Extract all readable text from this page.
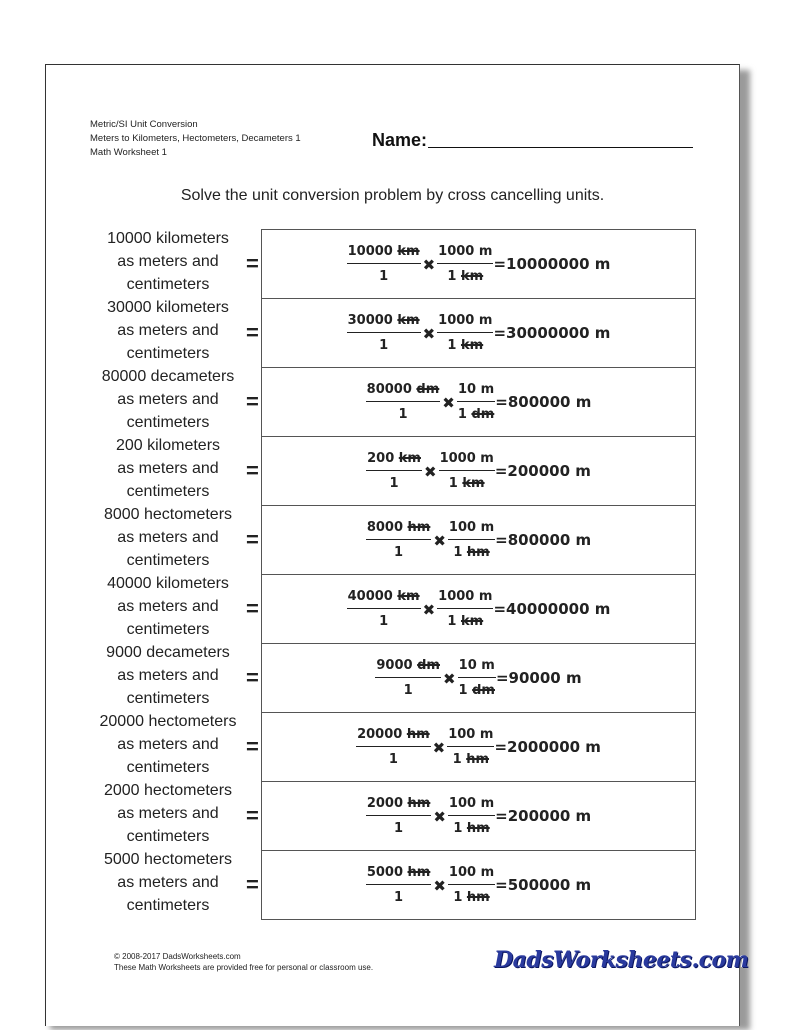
Metric/SI Unit Conversion
Meters to Kilometers, Hectometers, Decameters 1
Math Worksheet 1
Name:
Solve the unit conversion problem by cross cancelling units.
10000 kilometers
as meters and
centimeters
=	$\frac{10000 km}{1}$ ✖ $\frac{1000 m}{1 km} =10000000$ m
30000 kilometers
as meters and
centimeters
=	$\frac{30000 km}{1}$ ✖ $\frac{1000 m}{1 km} =30000000$ m
80000 decameters
as meters and
centimeters
=	$\frac{80000 dm}{1}$ ✖ $\frac{10 m}{1 dm} =800000$ m
200 kilometers
as meters and
centimeters
=	$\frac{200 km}{1}$ ✖ $\frac{1000 m}{1 km} =200000$ m
8000 hectometers
as meters and
centimeters
=	$\frac{8000 hm}{1}$ ✖ $\frac{100 m}{1 hm} =800000$ m
40000 kilometers
as meters and
centimeters
=	$\frac{40000 km}{1}$ ✖ $\frac{1000 m}{1 km} =40000000$ m
9000 decameters
as meters and
centimeters
=	$\frac{9000 dm}{1}$ ✖ $\frac{10 m}{1 dm} =90000$ m
20000 hectometers
as meters and
centimeters
=	$\frac{20000 hm}{1}$ ✖ $\frac{100 m}{1 hm} =2000000$ m
2000 hectometers
as meters and
centimeters
=	$\frac{2000 hm}{1}$ ✖ $\frac{100 m}{1 hm} =200000$ m
5000 hectometers
as meters and
centimeters
=	$\frac{5000 hm}{1}$ ✖ $\frac{100 m}{1 hm} =500000$ m
© 2008-2017 DadsWorksheets.com
These Math Worksheets are provided free for personal or classroom use.	DadsWorksheets.com
